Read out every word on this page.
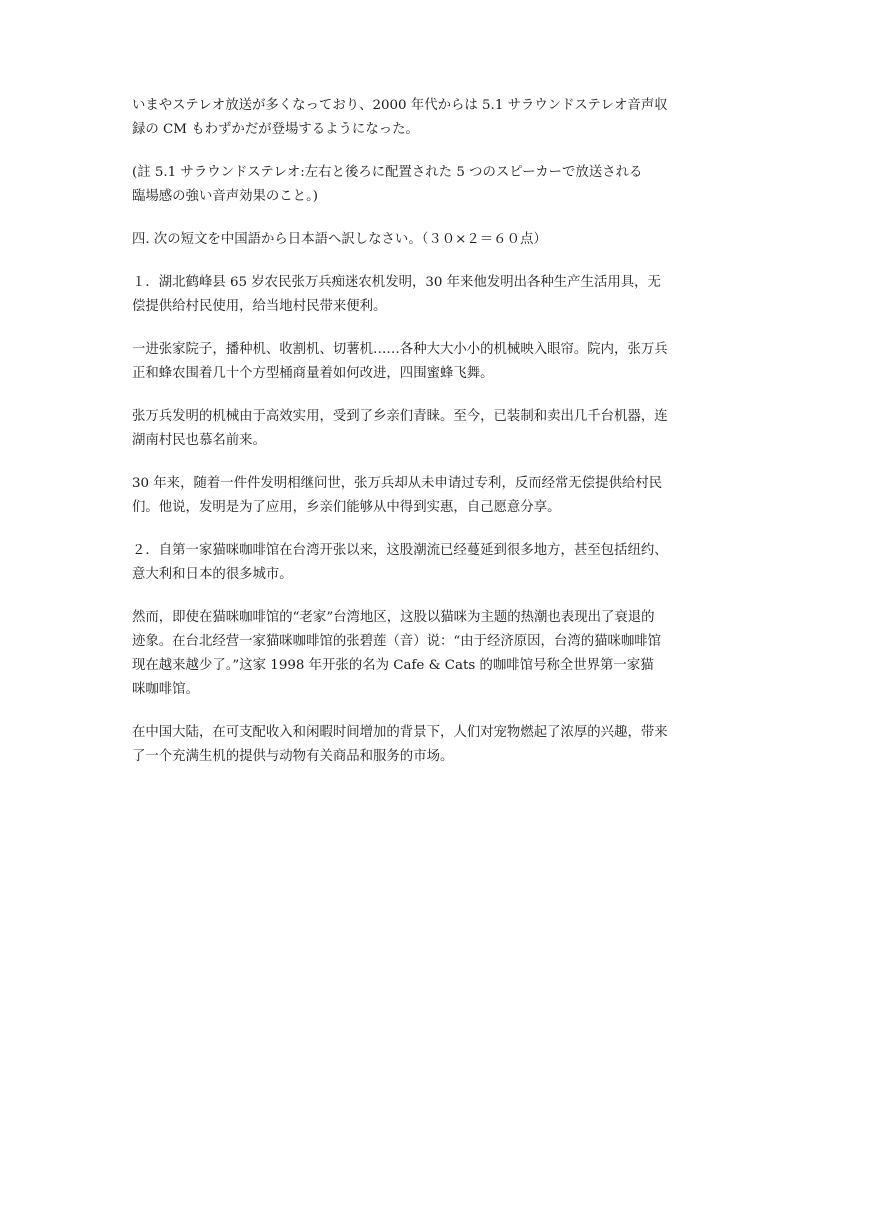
いまやステレオ放送が多くなっており、2000 年代からは 5.1 サラウンドステレオ音声収
録の CM もわずかだが登場するようになった。
(註 5.1 サラウンドステレオ:左右と後ろに配置された 5 つのスピーカーで放送される
臨場感の強い音声効果のこと。)
四. 次の短文を中国語から日本語へ訳しなさい。（３０×２＝６０点）
１．湖北鹤峰县 65 岁农民张万兵痴迷农机发明，30 年来他发明出各种生产生活用具，无
偿提供给村民使用，给当地村民带来便利。
一进张家院子，播种机、收割机、切薯机……各种大大小小的机械映入眼帘。院内，张万兵
正和蜂农围着几十个方型桶商量着如何改进，四围蜜蜂飞舞。
张万兵发明的机械由于高效实用，受到了乡亲们青睐。至今，已装制和卖出几千台机器，连
湖南村民也慕名前来。
30 年来，随着一件件发明相继问世，张万兵却从未申请过专利，反而经常无偿提供给村民
们。他说，发明是为了应用，乡亲们能够从中得到实惠，自己愿意分享。
２．自第一家猫咪咖啡馆在台湾开张以来，这股潮流已经蔓延到很多地方，甚至包括纽约、
意大利和日本的很多城市。
然而，即使在猫咪咖啡馆的“老家”台湾地区，这股以猫咪为主题的热潮也表现出了衰退的
迹象。在台北经营一家猫咪咖啡馆的张碧莲（音）说：“由于经济原因，台湾的猫咪咖啡馆
现在越来越少了。”这家 1998 年开张的名为 Cafe & Cats 的咖啡馆号称全世界第一家猫
咪咖啡馆。
在中国大陆，在可支配收入和闲暇时间增加的背景下，人们对宠物燃起了浓厚的兴趣，带来
了一个充满生机的提供与动物有关商品和服务的市场。
